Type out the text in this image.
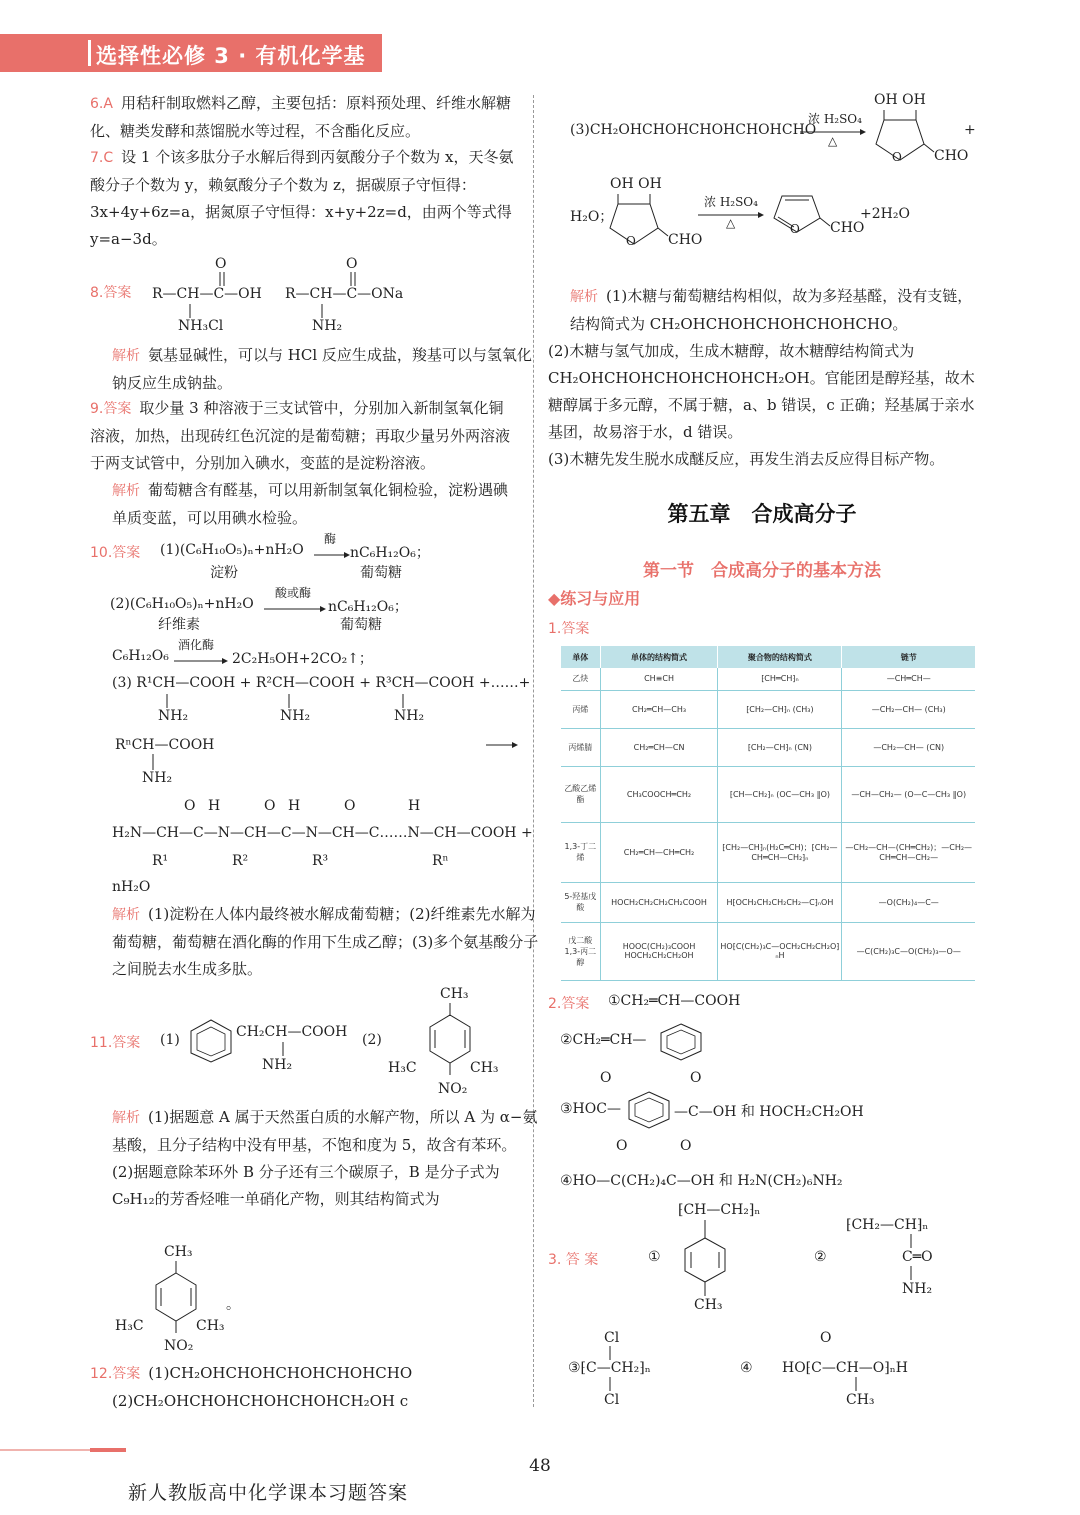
选择性必修 3 · 有机化学基础

6.A 用秸秆制取燃料乙醇，主要包括：原料预处理、纤维水解糖化、糖类发酵和蒸馏脱水等过程，不含酯化反应。

7.C 设 1 个该多肽分子水解后得到丙氨酸分子个数为 x，天冬氨酸分子个数为 y，赖氨酸分子个数为 z，据碳原子守恒得：3x+4y+6z=a，据氮原子守恒得：x+y+2z=d，由两个等式得 y=a−3d。

8.答案
O	O
R—CH—C—OH R—CH—C—ONa
NH₃Cl	NH₂

解析 氨基显碱性，可以与 HCl 反应生成盐，羧基可以与氢氧化钠反应生成钠盐。

9.答案 取少量 3 种溶液于三支试管中，分别加入新制氢氧化铜溶液，加热，出现砖红色沉淀的是葡萄糖；再取少量另外两溶液于两支试管中，分别加入碘水，变蓝的是淀粉溶液。

解析 葡萄糖含有醛基，可以用新制氢氧化铜检验，淀粉遇碘单质变蓝，可以用碘水检验。

10.答案	(1)(C₆H₁₀O₅)ₙ+nH₂O
酶
nC₆H₁₂O₆；
淀粉	葡萄糖
(2)(C₆H₁₀O₅)ₙ+nH₂O
酸或酶
nC₆H₁₂O₆；
纤维素	葡萄糖
C₆H₁₂O₆
酒化酶
2C₂H₅OH+2CO₂↑；
(3) R¹CH—COOH + R²CH—COOH + R³CH—COOH +……+
NH₂	NH₂	NH₂
RⁿCH—COOH
NH₂
O H	O H	O	H
H₂N—CH—C—N—CH—C—N—CH—C……N—CH—COOH +
R¹	R²	R³	Rⁿ
nH₂O

解析 (1)淀粉在人体内最终被水解成葡萄糖；(2)纤维素先水解为葡萄糖，葡萄糖在酒化酶的作用下生成乙醇；(3)多个氨基酸分子之间脱去水生成多肽。

11.答案	(1)	CH₂CH—COOH
NH₂
(2)
CH₃
H₃C	CH₃
NO₂

解析 (1)据题意 A 属于天然蛋白质的水解产物，所以 A 为 α−氨基酸，且分子结构中没有甲基，不饱和度为 5，故含有苯环。

(2)据题意除苯环外 B 分子还有三个碳原子，B 是分子式为 C₉H₁₂的芳香烃唯一单硝化产物，则其结构简式为

CH₃
H₃C	CH₃
NO₂
。

12.答案 (1)CH₂OHCHOHCHOHCHOHCHO

(2)CH₂OHCHOHCHOHCHOHCH₂OH c

(3)CH₂OHCHOHCHOHCHOHCHO
浓 H₂SO₄
△
OH OH
O CHO
+
OH OH
H₂O；
O CHO
浓 H₂SO₄
△	O CHO
+2H₂O

解析 (1)木糖与葡萄糖结构相似，故为多羟基醛，没有支链，结构简式为 CH₂OHCHOHCHOHCHOHCHO。

(2)木糖与氢气加成，生成木糖醇，故木糖醇结构简式为 CH₂OHCHOHCHOHCHOHCH₂OH。官能团是醇羟基，故木糖醇属于多元醇，不属于糖，a、b 错误，c 正确；羟基属于亲水基团，故易溶于水，d 错误。

(3)木糖先发生脱水成醚反应，再发生消去反应得目标产物。

第五章　合成高分子
第一节　合成高分子的基本方法
◆练习与应用
1.答案
单体	单体的结构简式	聚合物的结构简式	链节
乙炔	CH≡CH	⁅CH═CH⁆ₙ	—CH═CH—
丙烯	CH₂═CH—CH₃	⁅CH₂—CH⁆ₙ (CH₃)	—CH₂—CH— (CH₃)
丙烯腈	CH₂═CH—CN	⁅CH₂—CH⁆ₙ (CN)	—CH₂—CH— (CN)
乙酸乙烯酯	CH₃COOCH═CH₂	⁅CH—CH₂⁆ₙ (OC—CH₃ ‖O)	—CH—CH₂— (O—C—CH₃ ‖O)
1,3-丁二烯	CH₂═CH—CH═CH₂	⁅CH₂—CH⁆ₙ(H₂C═CH)；⁅CH₂—CH═CH—CH₂⁆ₙ	—CH₂—CH—(CH═CH₂)；—CH₂—CH═CH—CH₂—
5-羟基戊酸	HOCH₂CH₂CH₂CH₂COOH	H⁅OCH₂CH₂CH₂CH₂—C⁆ₙOH	—O(CH₂)₄—C—
戊二酸 1,3-丙二醇	HOOC(CH₂)₃COOH HOCH₂CH₂CH₂OH	HO⁅C(CH₂)₃C—OCH₂CH₂CH₂O⁆ₙH	—C(CH₂)₃C—O(CH₂)₃—O—
2.答案	①CH₂═CH—COOH
②CH₂═CH—
O	O
③HOC—	—C—OH 和 HOCH₂CH₂OH
O	O
④HO—C(CH₂)₄C—OH 和 H₂N(CH₂)₆NH₂
3. 答 案	①
⁅CH—CH₂⁆ₙ
CH₃
②
⁅CH₂—CH⁆ₙ
C═O
NH₂
Cl
③⁅C—CH₂⁆ₙ
Cl
④
O
HO⁅C—CH—O⁆ₙH
CH₃
48
新人教版高中化学课本习题答案
